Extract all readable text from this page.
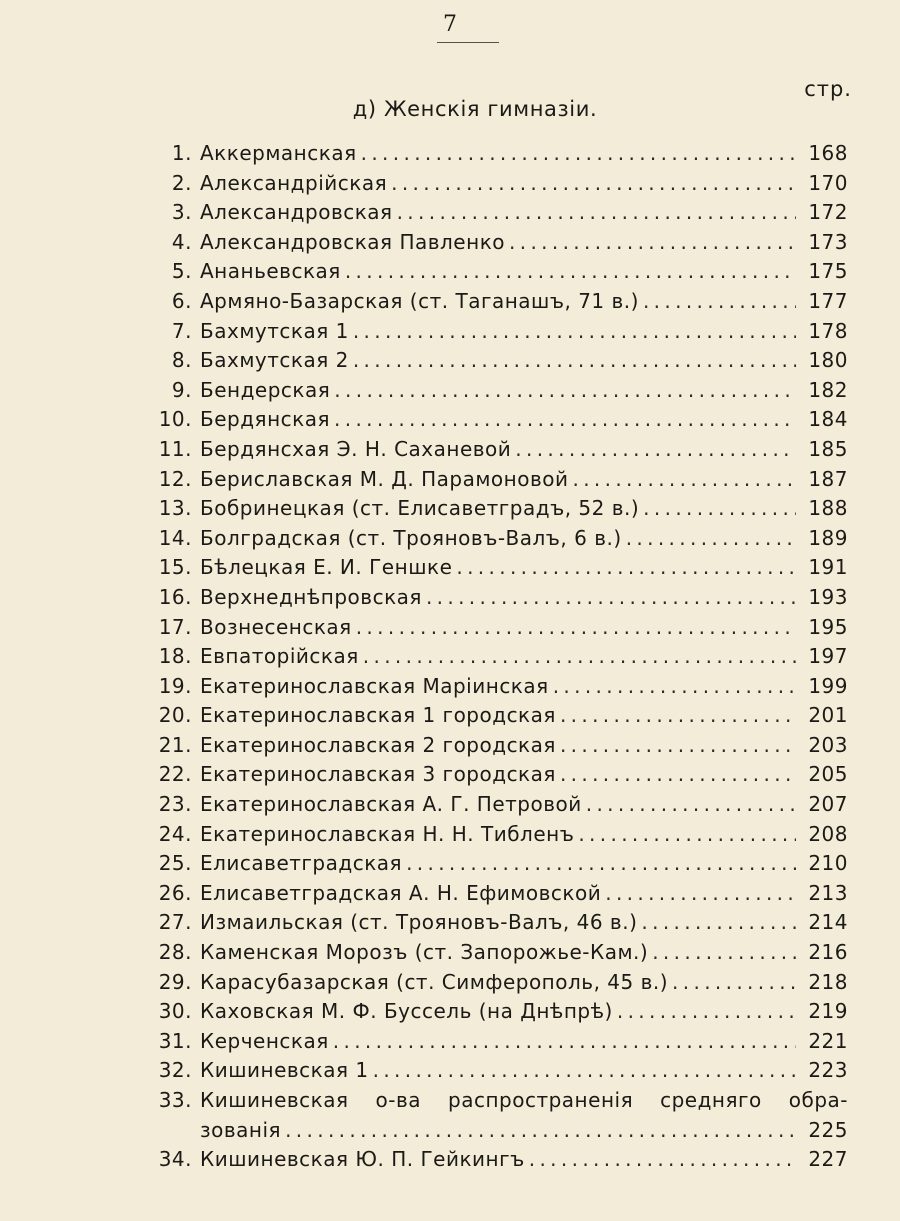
7
стр.
д) Женскія гимназіи.
1. Аккерманская . . .	168
2. Александрійская . . .	170
3. Александровская . . .	172
4. Александровская Павленко . . .	173
5. Ананьевская . . .	175
6. Армяно-Базарская (ст. Таганашъ, 71 в.) . . .	177
7. Бахмутская 1 . . .	178
8. Бахмутская 2 . . .	180
9. Бендерская . . .	182
10. Бердянская . . .	184
11. Бердянсхая Э. Н. Саханевой . . .	185
12. Бериславская М. Д. Парамоновой . . .	187
13. Бобринецкая (ст. Елисаветградъ, 52 в.) . . .	188
14. Болградская (ст. Трояновъ-Валъ, 6 в.) . . .	189
15. Бѣлецкая Е. И. Геншке . . .	191
16. Верхнеднѣпровская . . .	193
17. Вознесенская . . .	195
18. Евпаторійская . . .	197
19. Екатеринославская Маріинская . . .	199
20. Екатеринославская 1 городская . . .	201
21. Екатеринославская 2 городская . . .	203
22. Екатеринославская 3 городская . . .	205
23. Екатеринославская А. Г. Петровой . . .	207
24. Екатеринославская Н. Н. Тибленъ . . .	208
25. Елисаветградская . . .	210
26. Елисаветградская А. Н. Ефимовской . . .	213
27. Измаильская (ст. Трояновъ-Валъ, 46 в.) . . .	214
28. Каменская Морозъ (ст. Запорожье-Кам.) . . .	216
29. Карасубазарская (ст. Симферополь, 45 в.) . . .	218
30. Каховская М. Ф. Буссель (на Днѣпрѣ) . . .	219
31. Керченская . . .	221
32. Кишиневская 1 . . .	223
33. Кишиневская о-ва распространенія средняго обра-
зованія . . .	225
34. Кишиневская Ю. П. Гейкингъ . . .	227
